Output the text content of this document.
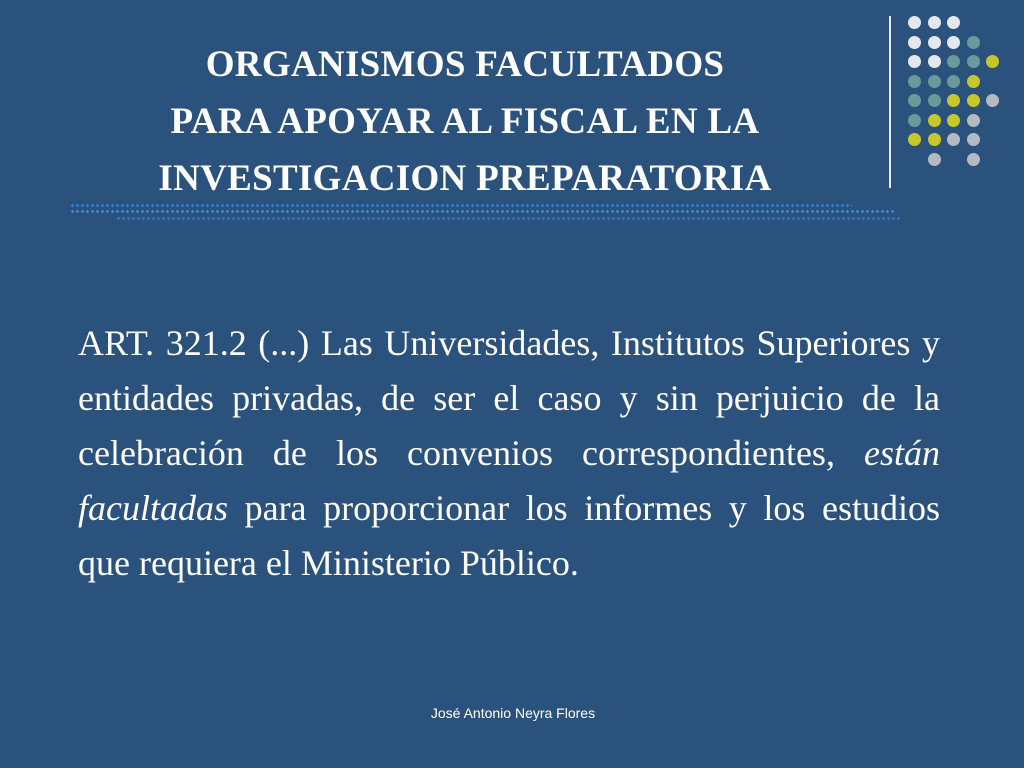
ORGANISMOS FACULTADOS
PARA APOYAR AL FISCAL EN LA
INVESTIGACION PREPARATORIA
ART. 321.2 (...) Las Universidades, Institutos Superiores y entidades privadas, de ser el caso y sin perjuicio de la celebración de los convenios correspondientes, están facultadas para proporcionar los informes y los estudios que requiera el Ministerio Público.
José Antonio Neyra Flores
